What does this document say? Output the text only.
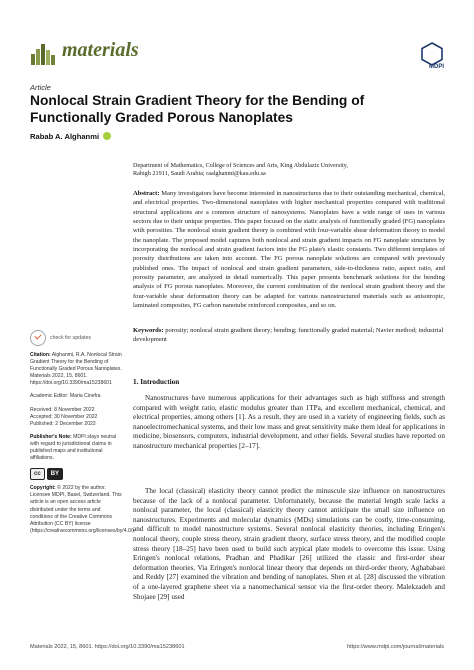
materials
MDPI
Article
Nonlocal Strain Gradient Theory for the Bending of Functionally Graded Porous Nanoplates
Rabab A. Alghanmi
Department of Mathematics, College of Sciences and Arts, King Abdulaziz University,
Rabigh 21911, Saudi Arabia; raalghanmi@kau.edu.sa
Abstract: Many investigators have become interested in nanostructures due to their outstanding mechanical, chemical, and electrical properties. Two-dimensional nanoplates with higher mechanical properties compared with traditional structural applications are a common structure of nanosystems. Nanoplates have a wide range of uses in various sectors due to their unique properties. This paper focused on the static analysis of functionally graded (FG) nanoplates with porosities. The nonlocal strain gradient theory is combined with four-variable shear deformation theory to model the nanoplate. The proposed model captures both nonlocal and strain gradient impacts on FG nanoplate structures by incorporating the nonlocal and strain gradient factors into the FG plate's elastic constants. Two different templates of porosity distributions are taken into account. The FG porous nanoplate solutions are compared with previously published ones. The impact of nonlocal and strain gradient parameters, side-to-thickness ratio, aspect ratio, and porosity parameter, are analyzed in detail numerically. This paper presents benchmark solutions for the bending analysis of FG porous nanoplates. Moreover, the current combination of the nonlocal strain gradient theory and the four-variable shear deformation theory can be adapted for various nanostructured materials such as anisotropic, laminated composites, FG carbon nanotube reinforced composites, and so on.
Keywords: porosity; nonlocal strain gradient theory; bending; functionally graded material; Navier method; industrial development
check for updates
Citation: Alghanmi, R.A. Nonlocal Strain Gradient Theory for the Bending of Functionally Graded Porous Nanoplates. Materials 2022, 15, 8601. https://doi.org/10.3390/ma15238601
Academic Editor: Maria Cinefra
Received: 8 November 2022
Accepted: 30 November 2022
Published: 2 December 2022
Publisher's Note: MDPI stays neutral with regard to jurisdictional claims in published maps and institutional affiliations.
cc	BY
Copyright: © 2022 by the author. Licensee MDPI, Basel, Switzerland. This article is an open access article distributed under the terms and conditions of the Creative Commons Attribution (CC BY) license (https://creativecommons.org/licenses/by/4.0/).
1. Introduction

Nanostructures have numerous applications for their advantages such as high stiffness and strength compared with weight ratio, elastic modulus greater than 1TPa, and excellent mechanical, chemical, and electrical properties, among others [1]. As a result, they are used in a variety of engineering fields, such as nanoelectromechanical systems, and their low mass and great sensitivity make them ideal for applications in medicine, biosensors, computers, industrial development, and other fields. Several studies have reported on nanostructure mechanical properties [2–17].

The local (classical) elasticity theory cannot predict the minuscule size influence on nanostructures because of the lack of a nonlocal parameter. Unfortunately, because the material length scale lacks a nonlocal parameter, the local (classical) elasticity theory cannot anticipate the small size influence on nanostructures. Experiments and molecular dynamics (MDs) simulations can be costly, time-consuming, and difficult to model nanostructure systems. Several nonlocal elasticity theories, including Eringen's nonlocal theory, couple stress theory, strain gradient theory, surface stress theory, and the modified couple stress theory [18–25] have been used to build such atypical plate models to overcome this issue. Using Eringen's nonlocal relations, Pradhan and Phadikar [26] utilized the classic and first-order shear deformation theories. Via Eringen's nonlocal linear theory that depends on third-order theory, Aghababaei and Reddy [27] examined the vibration and bending of nanoplates. Shen et al. [28] discussed the vibration of a one-layered graphene sheet via a nanomechanical sensor via the first-order theory. Malekzadeh and Shojaee [29] used

Materials 2022, 15, 8601. https://doi.org/10.3390/ma15238601	https://www.mdpi.com/journal/materials
